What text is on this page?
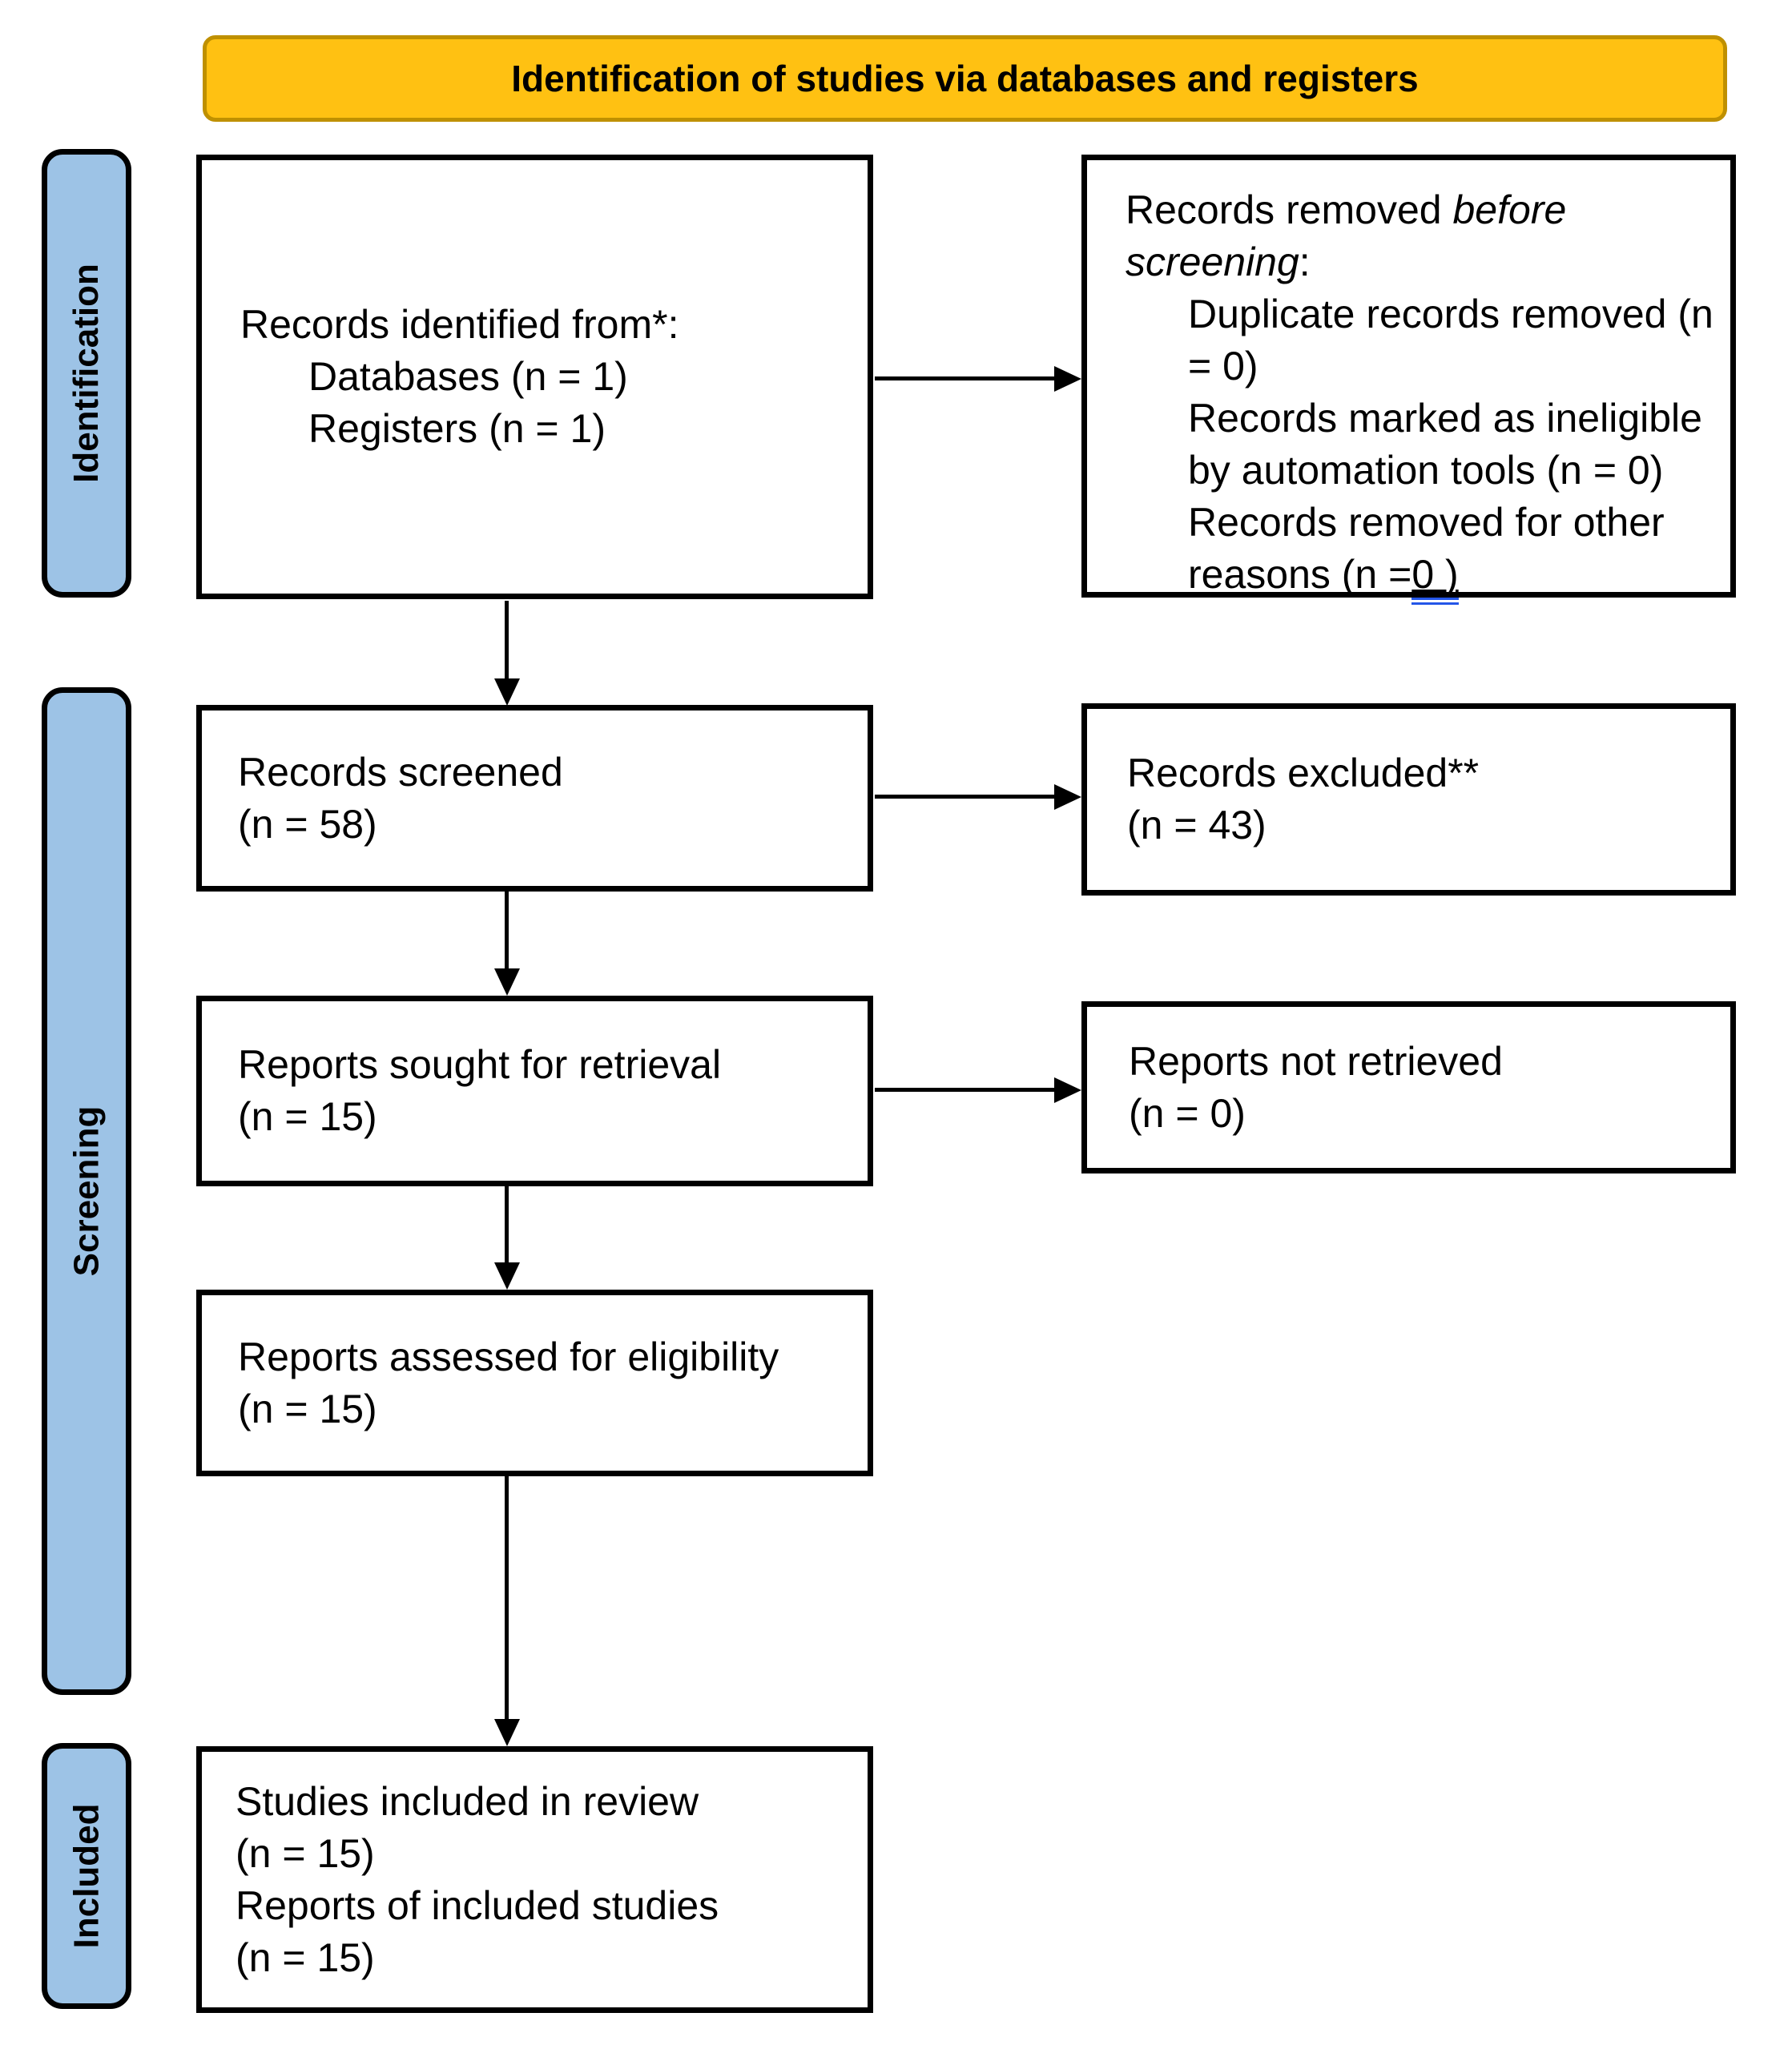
Identification of studies via databases and registers
Identification
Screening
Included
Records identified from*:
Databases (n = 1)
Registers (n = 1)
Records screened
(n = 58)
Reports sought for retrieval
(n = 15)
Reports assessed for eligibility
(n = 15)
Studies included in review
(n = 15)
Reports of included studies
(n = 15)
Records removed before screening:
Duplicate records removed (n = 0)
Records marked as ineligible by automation tools (n = 0)
Records removed for other reasons (n =0 )
Records excluded**
(n = 43)
Reports not retrieved
(n = 0)
